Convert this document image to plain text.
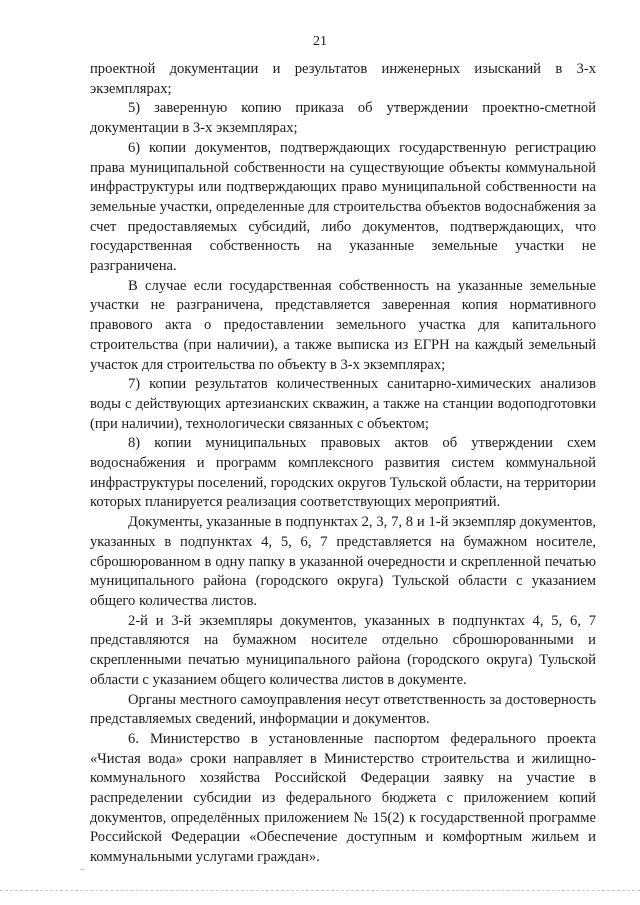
21

проектной документации и результатов инженерных изысканий в 3-х экземплярах;

5) заверенную копию приказа об утверждении проектно-сметной документации в 3-х экземплярах;

6) копии документов, подтверждающих государственную регистрацию права муниципальной собственности на существующие объекты коммунальной инфраструктуры или подтверждающих право муниципальной собственности на земельные участки, определенные для строительства объектов водоснабжения за счет предоставляемых субсидий, либо документов, подтверждающих, что государственная собственность на указанные земельные участки не разграничена.

В случае если государственная собственность на указанные земельные участки не разграничена, представляется заверенная копия нормативного правового акта о предоставлении земельного участка для капитального строительства (при наличии), а также выписка из ЕГРН на каждый земельный участок для строительства по объекту в 3-х экземплярах;

7) копии результатов количественных санитарно-химических анализов воды с действующих артезианских скважин, а также на станции водоподготовки (при наличии), технологически связанных с объектом;

8) копии муниципальных правовых актов об утверждении схем водоснабжения и программ комплексного развития систем коммунальной инфраструктуры поселений, городских округов Тульской области, на территории которых планируется реализация соответствующих мероприятий.

Документы, указанные в подпунктах 2, 3, 7, 8 и 1-й экземпляр документов, указанных в подпунктах 4, 5, 6, 7 представляется на бумажном носителе, сброшюрованном в одну папку в указанной очередности и скрепленной печатью муниципального района (городского округа) Тульской области с указанием общего количества листов.

2-й и 3-й экземпляры документов, указанных в подпунктах 4, 5, 6, 7 представляются на бумажном носителе отдельно сброшюрованными и скрепленными печатью муниципального района (городского округа) Тульской области с указанием общего количества листов в документе.

Органы местного самоуправления несут ответственность за достоверность представляемых сведений, информации и документов.

6. Министерство в установленные паспортом федерального проекта «Чистая вода» сроки направляет в Министерство строительства и жилищно-коммунального хозяйства Российской Федерации заявку на участие в распределении субсидии из федерального бюджета с приложением копий документов, определённых приложением № 15(2) к государственной программе Российской Федерации «Обеспечение доступным и комфортным жильем и коммунальными услугами граждан».

..
